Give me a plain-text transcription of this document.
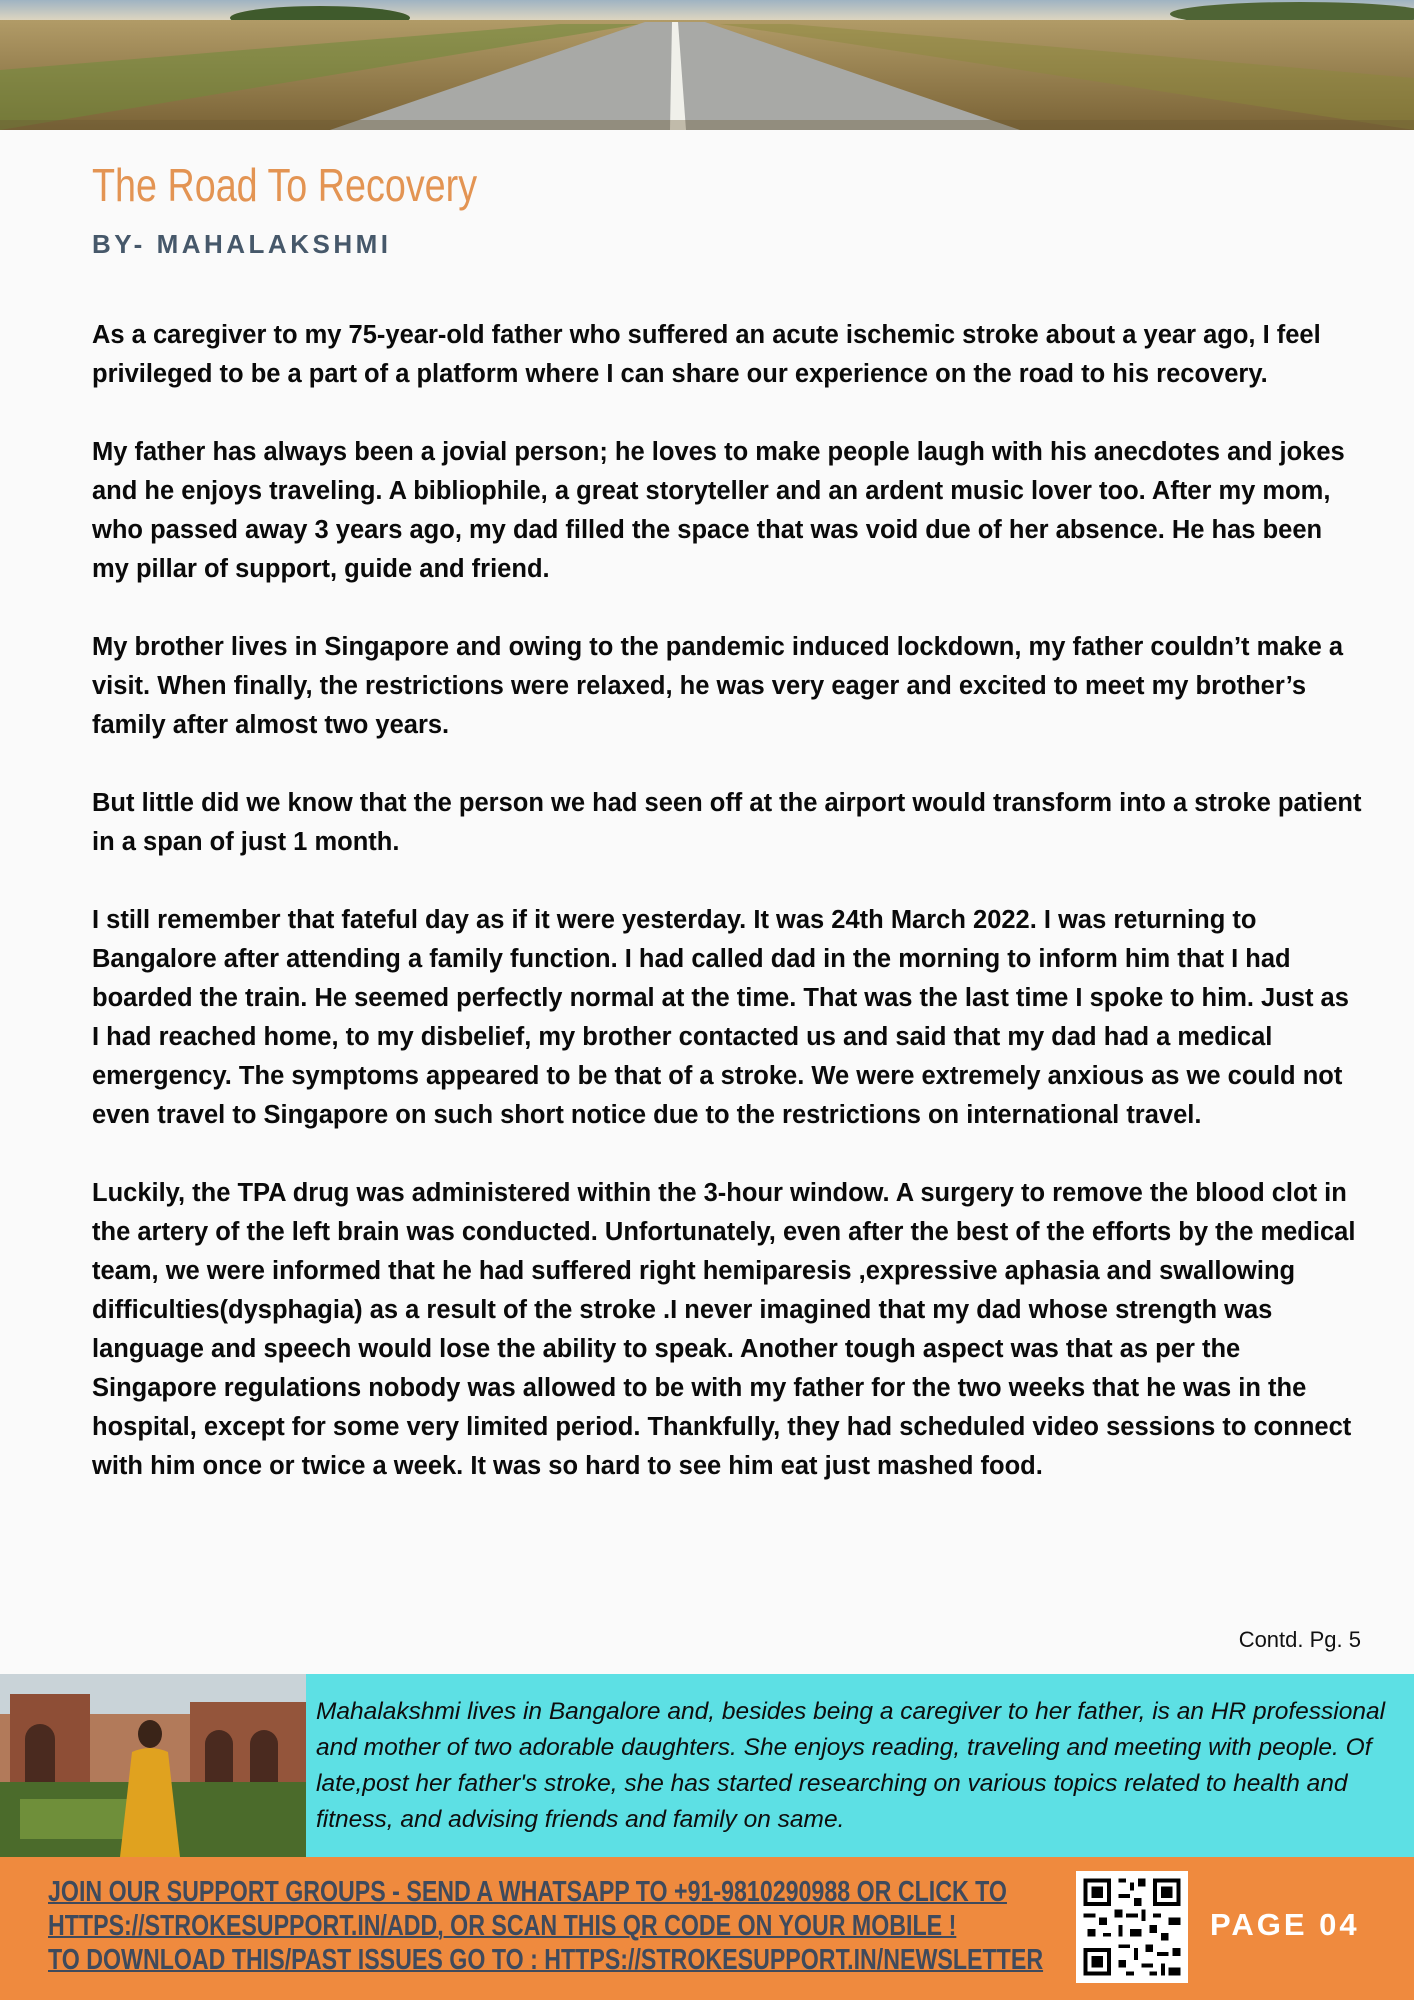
The Road To Recovery
BY- MAHALAKSHMI

As a caregiver to my 75-year-old father who suffered an acute ischemic stroke about a year ago, I feel privileged to be a part of a platform where I can share our experience on the road to his recovery.

My father has always been a jovial person; he loves to make people laugh with his anecdotes and jokes and he enjoys traveling. A bibliophile, a great storyteller and an ardent music lover too. After my mom, who passed away 3 years ago, my dad filled the space that was void due of her absence. He has been my pillar of support, guide and friend.

My brother lives in Singapore and owing to the pandemic induced lockdown, my father couldn’t make a visit. When finally, the restrictions were relaxed, he was very eager and excited to meet my brother’s family after almost two years.

But little did we know that the person we had seen off at the airport would transform into a stroke patient in a span of just 1 month.

I still remember that fateful day as if it were yesterday. It was 24th March 2022. I was returning to Bangalore after attending a family function. I had called dad in the morning to inform him that I had boarded the train. He seemed perfectly normal at the time. That was the last time I spoke to him. Just as I had reached home, to my disbelief, my brother contacted us and said that my dad had a medical emergency. The symptoms appeared to be that of a stroke. We were extremely anxious as we could not even travel to Singapore on such short notice due to the restrictions on international travel.

Luckily, the TPA drug was administered within the 3-hour window. A surgery to remove the blood clot in the artery of the left brain was conducted. Unfortunately, even after the best of the efforts by the medical team, we were informed that he had suffered right hemiparesis ,expressive aphasia and swallowing difficulties(dysphagia) as a result of the stroke .I never imagined that my dad whose strength was language and speech would lose the ability to speak. Another tough aspect was that as per the Singapore regulations nobody was allowed to be with my father for the two weeks that he was in the hospital, except for some very limited period. Thankfully, they had scheduled video sessions to connect with him once or twice a week. It was so hard to see him eat just mashed food.

Contd. Pg. 5

Mahalakshmi lives in Bangalore and, besides being a caregiver to her father, is an HR professional and mother of two adorable daughters. She enjoys reading, traveling and meeting with people. Of late,post her father's stroke, she has started researching on various topics related to health and fitness, and advising friends and family on same.

JOIN OUR SUPPORT GROUPS - SEND A WHATSAPP TO +91-9810290988 OR CLICK TO
HTTPS://STROKESUPPORT.IN/ADD, OR SCAN THIS QR CODE ON YOUR MOBILE !
TO DOWNLOAD THIS/PAST ISSUES GO TO : HTTPS://STROKESUPPORT.IN/NEWSLETTER
PAGE 04
